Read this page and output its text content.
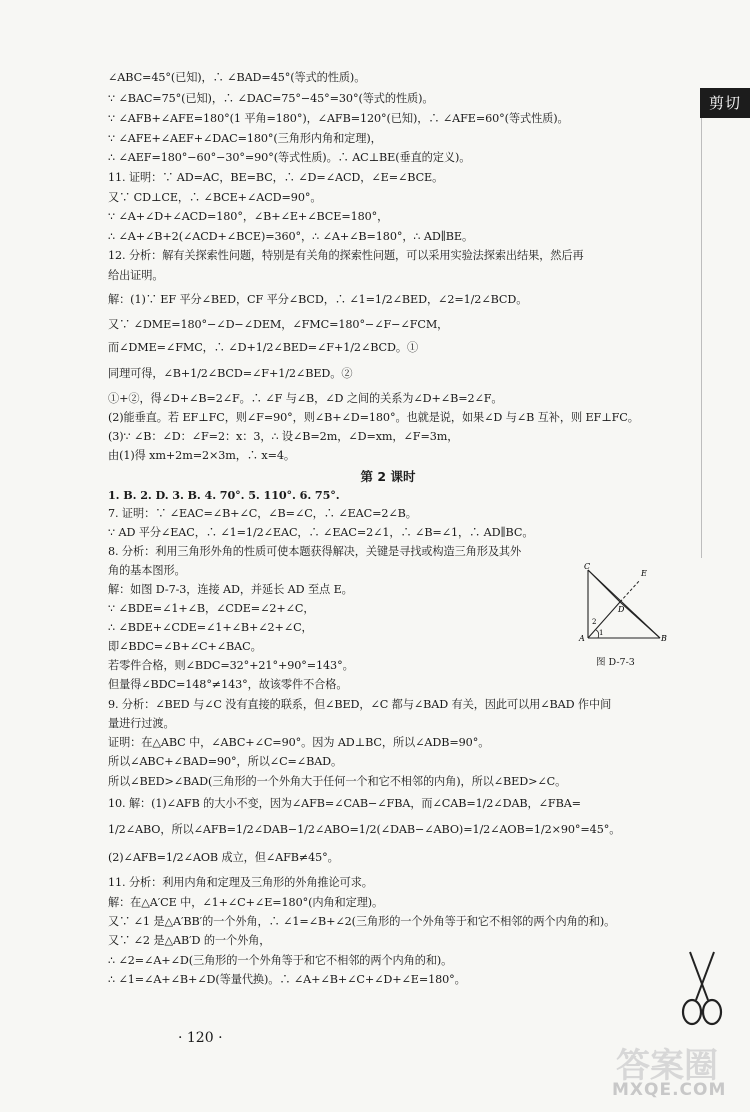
剪切
∠ABC=45°(已知)，∴ ∠BAD=45°(等式的性质)。
∵ ∠BAC=75°(已知)，∴ ∠DAC=75°−45°=30°(等式的性质)。
∵ ∠AFB+∠AFE=180°(1 平角=180°)，∠AFB=120°(已知)，∴ ∠AFE=60°(等式性质)。
∵ ∠AFE+∠AEF+∠DAC=180°(三角形内角和定理)，
∴ ∠AEF=180°−60°−30°=90°(等式性质)。∴ AC⊥BE(垂直的定义)。
11. 证明：∵ AD=AC，BE=BC，∴ ∠D=∠ACD，∠E=∠BCE。
又∵ CD⊥CE，∴ ∠BCE+∠ACD=90°。
∵ ∠A+∠D+∠ACD=180°，∠B+∠E+∠BCE=180°，
∴ ∠A+∠B+2(∠ACD+∠BCE)=360°，∴ ∠A+∠B=180°，∴ AD∥BE。
12. 分析：解有关探索性问题，特别是有关角的探索性问题，可以采用实验法探索出结果，然后再
给出证明。
解：(1)∵ EF 平分∠BED，CF 平分∠BCD，∴ ∠1=1/2∠BED，∠2=1/2∠BCD。
又∵ ∠DME=180°−∠D−∠DEM，∠FMC=180°−∠F−∠FCM，
而∠DME=∠FMC，∴ ∠D+1/2∠BED=∠F+1/2∠BCD。①
同理可得，∠B+1/2∠BCD=∠F+1/2∠BED。②
①+②，得∠D+∠B=2∠F。∴ ∠F 与∠B，∠D 之间的关系为∠D+∠B=2∠F。
(2)能垂直。若 EF⊥FC，则∠F=90°，则∠B+∠D=180°。也就是说，如果∠D 与∠B 互补，则 EF⊥FC。
(3)∵ ∠B：∠D：∠F=2：x：3，∴ 设∠B=2m，∠D=xm，∠F=3m，
由(1)得 xm+2m=2×3m，∴ x=4。
第 2 课时
1. B. 2. D. 3. B. 4. 70°. 5. 110°. 6. 75°.
7. 证明：∵ ∠EAC=∠B+∠C，∠B=∠C，∴ ∠EAC=2∠B。
∵ AD 平分∠EAC，∴ ∠1=1/2∠EAC，∴ ∠EAC=2∠1，∴ ∠B=∠1，∴ AD∥BC。
8. 分析：利用三角形外角的性质可使本题获得解决，关键是寻找或构造三角形及其外
角的基本图形。
解：如图 D-7-3，连接 AD，并延长 AD 至点 E。
∵ ∠BDE=∠1+∠B，∠CDE=∠2+∠C，
∴ ∠BDE+∠CDE=∠1+∠B+∠2+∠C，
即∠BDC=∠B+∠C+∠BAC。
若零件合格，则∠BDC=32°+21°+90°=143°。
但量得∠BDC=148°≠143°，故该零件不合格。
9. 分析：∠BED 与∠C 没有直接的联系，但∠BED，∠C 都与∠BAD 有关，因此可以用∠BAD 作中间
量进行过渡。
证明：在△ABC 中，∠ABC+∠C=90°。因为 AD⊥BC，所以∠ADB=90°。
所以∠ABC+∠BAD=90°，所以∠C=∠BAD。
所以∠BED>∠BAD(三角形的一个外角大于任何一个和它不相邻的内角)，所以∠BED>∠C。
10. 解：(1)∠AFB 的大小不变，因为∠AFB=∠CAB−∠FBA，而∠CAB=1/2∠DAB，∠FBA=
1/2∠ABO，所以∠AFB=1/2∠DAB−1/2∠ABO=1/2(∠DAB−∠ABO)=1/2∠AOB=1/2×90°=45°。
(2)∠AFB=1/2∠AOB 成立，但∠AFB≠45°。
11. 分析：利用内角和定理及三角形的外角推论可求。
解：在△A′CE 中，∠1+∠C+∠E=180°(内角和定理)。
又∵ ∠1 是△A′BB′的一个外角，∴ ∠1=∠B+∠2(三角形的一个外角等于和它不相邻的两个内角的和)。
又∵ ∠2 是△AB′D 的一个外角，
∴ ∠2=∠A+∠D(三角形的一个外角等于和它不相邻的两个内角的和)。
∴ ∠1=∠A+∠B+∠D(等量代换)。∴ ∠A+∠B+∠C+∠D+∠E=180°。
C
E
D
2
1
A	B
图 D-7-3
· 120 ·
答案圈
MXQE.COM
